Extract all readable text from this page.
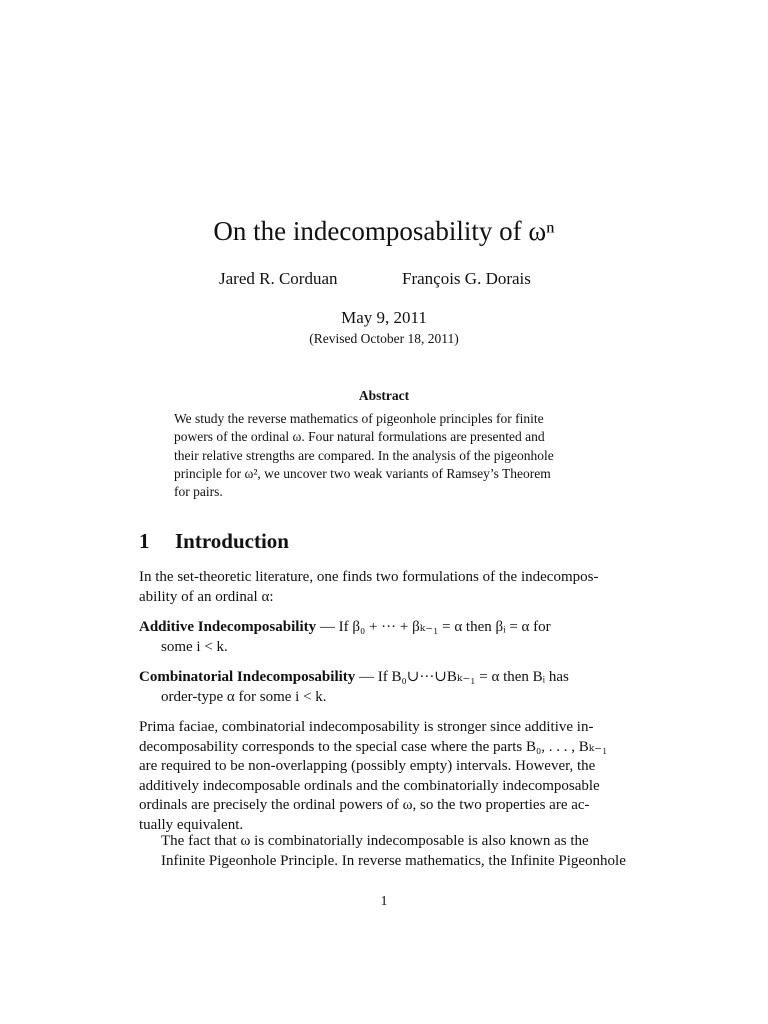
On the indecomposability of ωⁿ
Jared R. Corduan	François G. Dorais
May 9, 2011
(Revised October 18, 2011)
Abstract
We study the reverse mathematics of pigeonhole principles for finite
powers of the ordinal ω. Four natural formulations are presented and
their relative strengths are compared. In the analysis of the pigeonhole
principle for ω², we uncover two weak variants of Ramsey’s Theorem
for pairs.
1 Introduction
In the set-theoretic literature, one finds two formulations of the indecompos-
ability of an ordinal α:
Additive Indecomposability — If β₀ + ··· + βₖ₋₁ = α then βᵢ = α for
some i < k.
Combinatorial Indecomposability — If B₀∪···∪Bₖ₋₁ = α then Bᵢ has
order-type α for some i < k.
Prima faciae, combinatorial indecomposability is stronger since additive in-
decomposability corresponds to the special case where the parts B₀, . . . , Bₖ₋₁
are required to be non-overlapping (possibly empty) intervals. However, the
additively indecomposable ordinals and the combinatorially indecomposable
ordinals are precisely the ordinal powers of ω, so the two properties are ac-
tually equivalent.
The fact that ω is combinatorially indecomposable is also known as the
Infinite Pigeonhole Principle. In reverse mathematics, the Infinite Pigeonhole
1
